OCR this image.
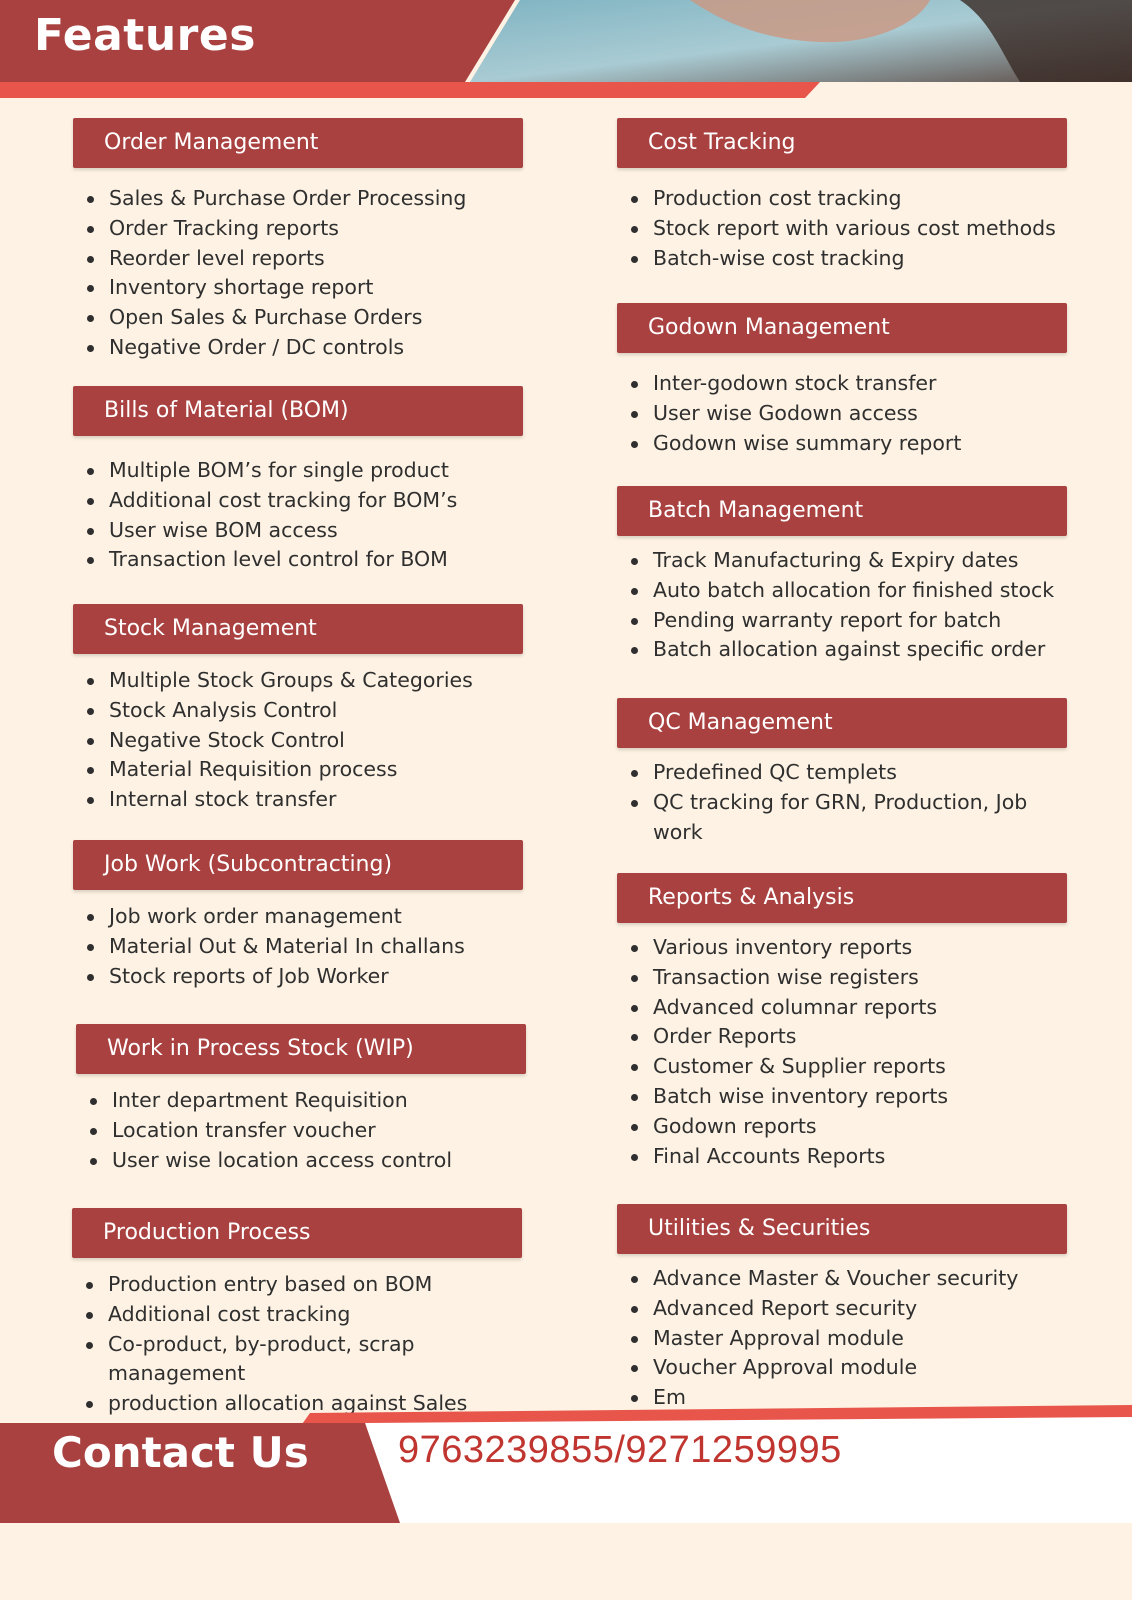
Features
Order Management
Sales & Purchase Order Processing
Order Tracking reports
Reorder level reports
Inventory shortage report
Open Sales & Purchase Orders
Negative Order / DC controls
Bills of Material (BOM)
Multiple BOM’s for single product
Additional cost tracking for BOM’s
User wise BOM access
Transaction level control for BOM
Stock Management
Multiple Stock Groups & Categories
Stock Analysis Control
Negative Stock Control
Material Requisition process
Internal stock transfer
Job Work (Subcontracting)
Job work order management
Material Out & Material In challans
Stock reports of Job Worker
Work in Process Stock (WIP)
Inter department Requisition
Location transfer voucher
User wise location access control
Production Process
Production entry based on BOM
Additional cost tracking
Co-product, by-product, scrap management
production allocation against Sales
Cost Tracking
Production cost tracking
Stock report with various cost methods
Batch-wise cost tracking
Godown Management
Inter-godown stock transfer
User wise Godown access
Godown wise summary report
Batch Management
Track Manufacturing & Expiry dates
Auto batch allocation for finished stock
Pending warranty report for batch
Batch allocation against specific order
QC Management
Predefined QC templets
QC tracking for GRN, Production, Job work
Reports & Analysis
Various inventory reports
Transaction wise registers
Advanced columnar reports
Order Reports
Customer & Supplier reports
Batch wise inventory reports
Godown reports
Final Accounts Reports
Utilities & Securities
Advance Master & Voucher security
Advanced Report security
Master Approval module
Voucher Approval module
Em
Contact Us 9763239855/9271259995
